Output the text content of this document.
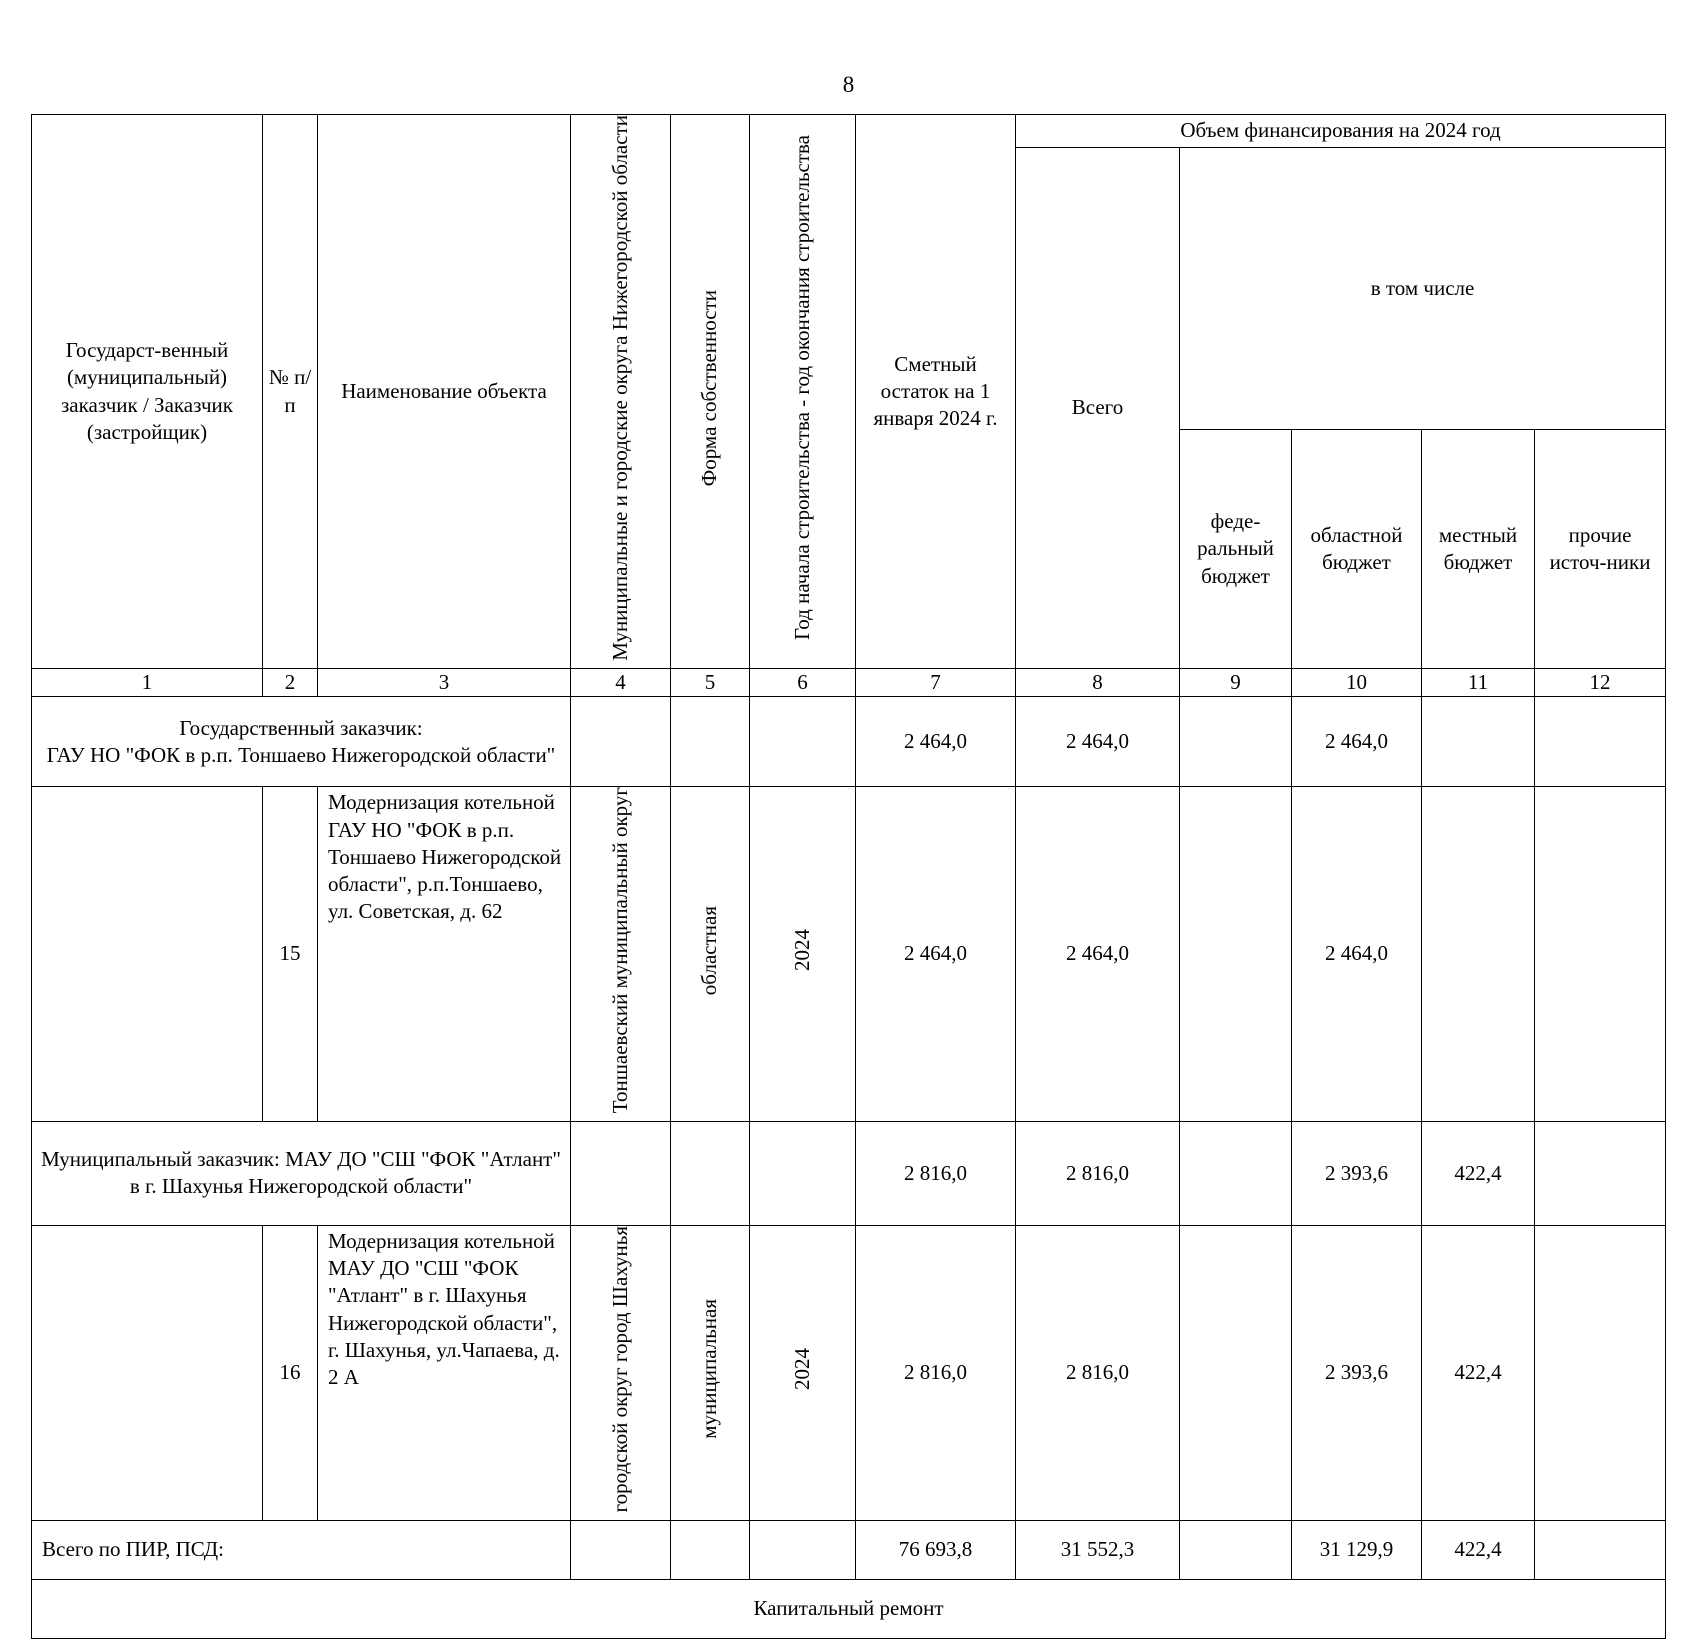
8
Государст-венный (муниципальный) заказчик / Заказчик (застройщик)	№ п/п	Наименование объекта	Муниципальные и городские округа Нижегородской области	Форма собственности	Год начала строительства - год окончания строительства	Сметный остаток на 1 января 2024 г.	Объем финансирования на 2024 год				
							Всего	в том числе			
								феде-ральный бюджет	областной бюджет	местный бюджет	прочие источ-ники
1	2	3	4	5	6	7	8	9	10	11	12
Государственный заказчик:
ГАУ НО "ФОК в р.п. Тоншаево Нижегородской области"						2 464,0	2 464,0		2 464,0		
	15	Модернизация котельной ГАУ НО "ФОК в р.п. Тоншаево Нижегородской области", р.п.Тоншаево, ул. Советская, д. 62	Тоншаевский муниципальный округ	областная	2024	2 464,0	2 464,0		2 464,0		
Муниципальный заказчик: МАУ ДО "СШ "ФОК "Атлант" в г. Шахунья Нижегородской области"						2 816,0	2 816,0		2 393,6	422,4	
	16	Модернизация котельной МАУ ДО "СШ "ФОК "Атлант" в г. Шахунья Нижегородской области", г. Шахунья, ул.Чапаева, д. 2 А	городской округ город Шахунья	муниципальная	2024	2 816,0	2 816,0		2 393,6	422,4	
Всего по ПИР, ПСД:						76 693,8	31 552,3		31 129,9	422,4	
Капитальный ремонт											
